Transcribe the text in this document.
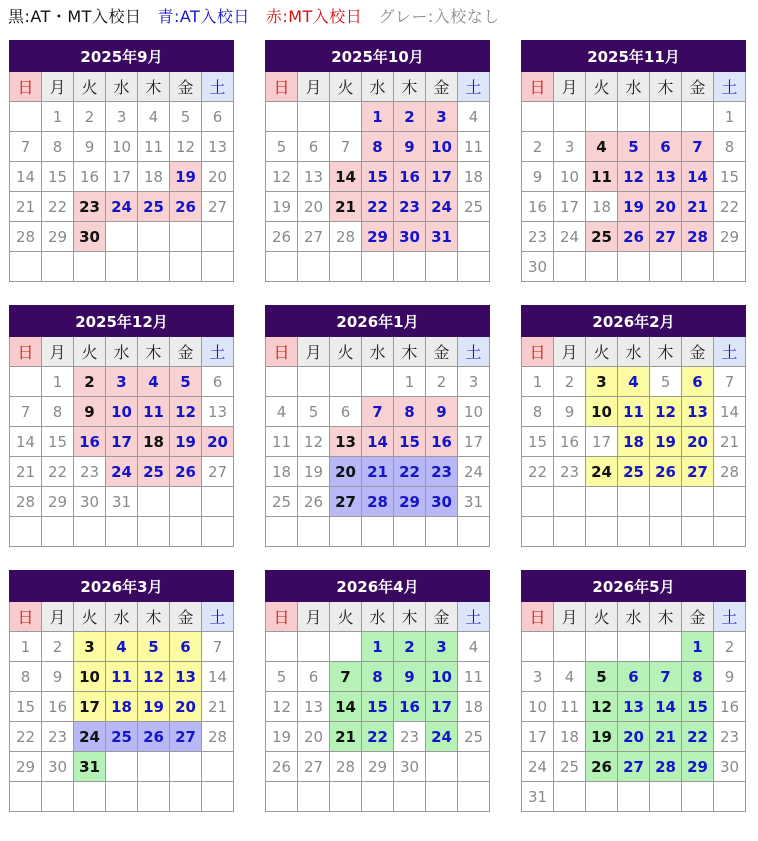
黒:AT・MT入校日 青:AT入校日 赤:MT入校日 グレー:入校なし
2025年9月						
日	月	火	水	木	金	土
	1	2	3	4	5	6
7	8	9	10	11	12	13
14	15	16	17	18	19	20
21	22	23	24	25	26	27
28	29	30				

2025年10月						
日	月	火	水	木	金	土
			1	2	3	4
5	6	7	8	9	10	11
12	13	14	15	16	17	18
19	20	21	22	23	24	25
26	27	28	29	30	31	

2025年11月						
日	月	火	水	木	金	土
						1
2	3	4	5	6	7	8
9	10	11	12	13	14	15
16	17	18	19	20	21	22
23	24	25	26	27	28	29
30						
2025年12月						
日	月	火	水	木	金	土
	1	2	3	4	5	6
7	8	9	10	11	12	13
14	15	16	17	18	19	20
21	22	23	24	25	26	27
28	29	30	31			

2026年1月						
日	月	火	水	木	金	土
				1	2	3
4	5	6	7	8	9	10
11	12	13	14	15	16	17
18	19	20	21	22	23	24
25	26	27	28	29	30	31

2026年2月						
日	月	火	水	木	金	土
1	2	3	4	5	6	7
8	9	10	11	12	13	14
15	16	17	18	19	20	21
22	23	24	25	26	27	28

2026年3月						
日	月	火	水	木	金	土
1	2	3	4	5	6	7
8	9	10	11	12	13	14
15	16	17	18	19	20	21
22	23	24	25	26	27	28
29	30	31				

2026年4月						
日	月	火	水	木	金	土
			1	2	3	4
5	6	7	8	9	10	11
12	13	14	15	16	17	18
19	20	21	22	23	24	25
26	27	28	29	30		

2026年5月						
日	月	火	水	木	金	土
					1	2
3	4	5	6	7	8	9
10	11	12	13	14	15	16
17	18	19	20	21	22	23
24	25	26	27	28	29	30
31						
